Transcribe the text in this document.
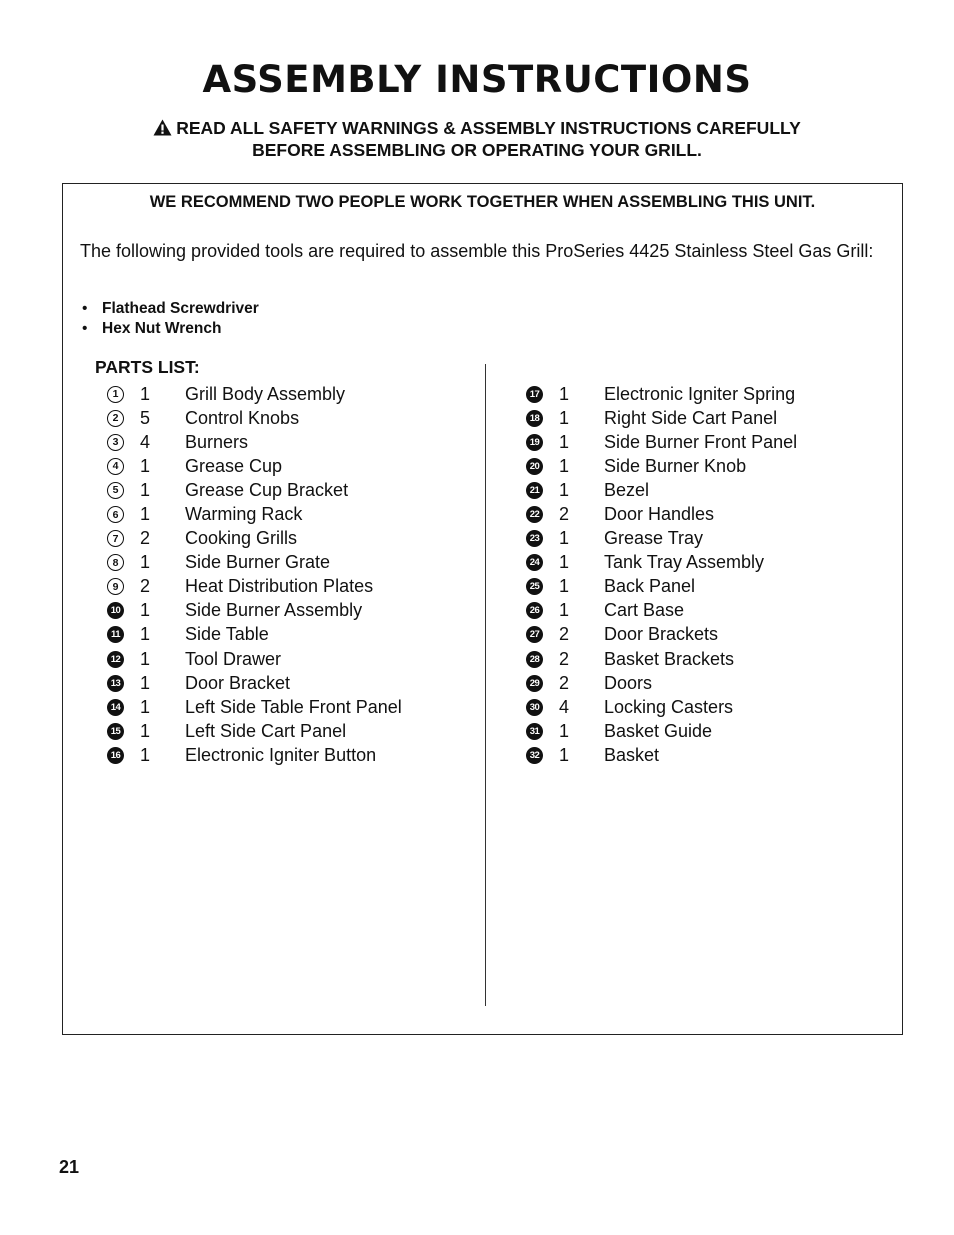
ASSEMBLY INSTRUCTIONS
READ ALL SAFETY WARNINGS & ASSEMBLY INSTRUCTIONS CAREFULLY
BEFORE ASSEMBLING OR OPERATING YOUR GRILL.
WE RECOMMEND TWO PEOPLE WORK TOGETHER WHEN ASSEMBLING THIS UNIT.
The following provided tools are required to assemble this ProSeries 4425 Stainless Steel Gas Grill:
• Flathead Screwdriver
• Hex Nut Wrench
PARTS LIST:
1	1	Grill Body Assembly
2	5	Control Knobs
3	4	Burners
4	1	Grease Cup
5	1	Grease Cup Bracket
6	1	Warming Rack
7	2	Cooking Grills
8	1	Side Burner Grate
9	2	Heat Distribution Plates
10	1	Side Burner Assembly
11	1	Side Table
12	1	Tool Drawer
13	1	Door Bracket
14	1	Left Side Table Front Panel
15	1	Left Side Cart Panel
16	1	Electronic Igniter Button
17	1	Electronic Igniter Spring
18	1	Right Side Cart Panel
19	1	Side Burner Front Panel
20	1	Side Burner Knob
21	1	Bezel
22	2	Door Handles
23	1	Grease Tray
24	1	Tank Tray Assembly
25	1	Back Panel
26	1	Cart Base
27	2	Door Brackets
28	2	Basket Brackets
29	2	Doors
30	4	Locking Casters
31	1	Basket Guide
32	1	Basket
21
